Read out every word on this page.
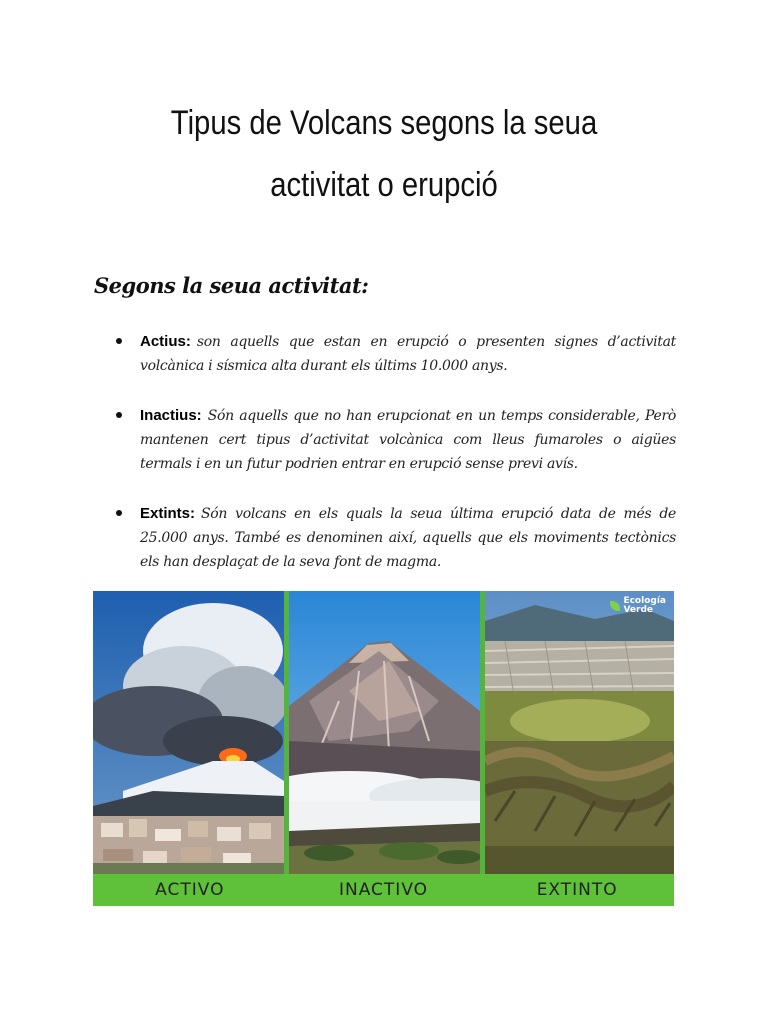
Tipus de Volcans segons la seua
activitat o erupció
Segons la seua activitat:

Actius: son aquells que estan en erupció o presenten signes d’activitat volcànica i sísmica alta durant els últims 10.000 anys.

Inactius: Són aquells que no han erupcionat en un temps considerable, Però mantenen cert tipus d’activitat volcànica com lleus fumaroles o aigües termals i en un futur podrien entrar en erupció sense previ avís.

Extints: Són volcans en els quals la seua última erupció data de més de 25.000 anys. També es denominen així, aquells que els moviments tectònics els han desplaçat de la seva font de magma.

Ecología
Verde
ACTIVO	INACTIVO	EXTINTO
